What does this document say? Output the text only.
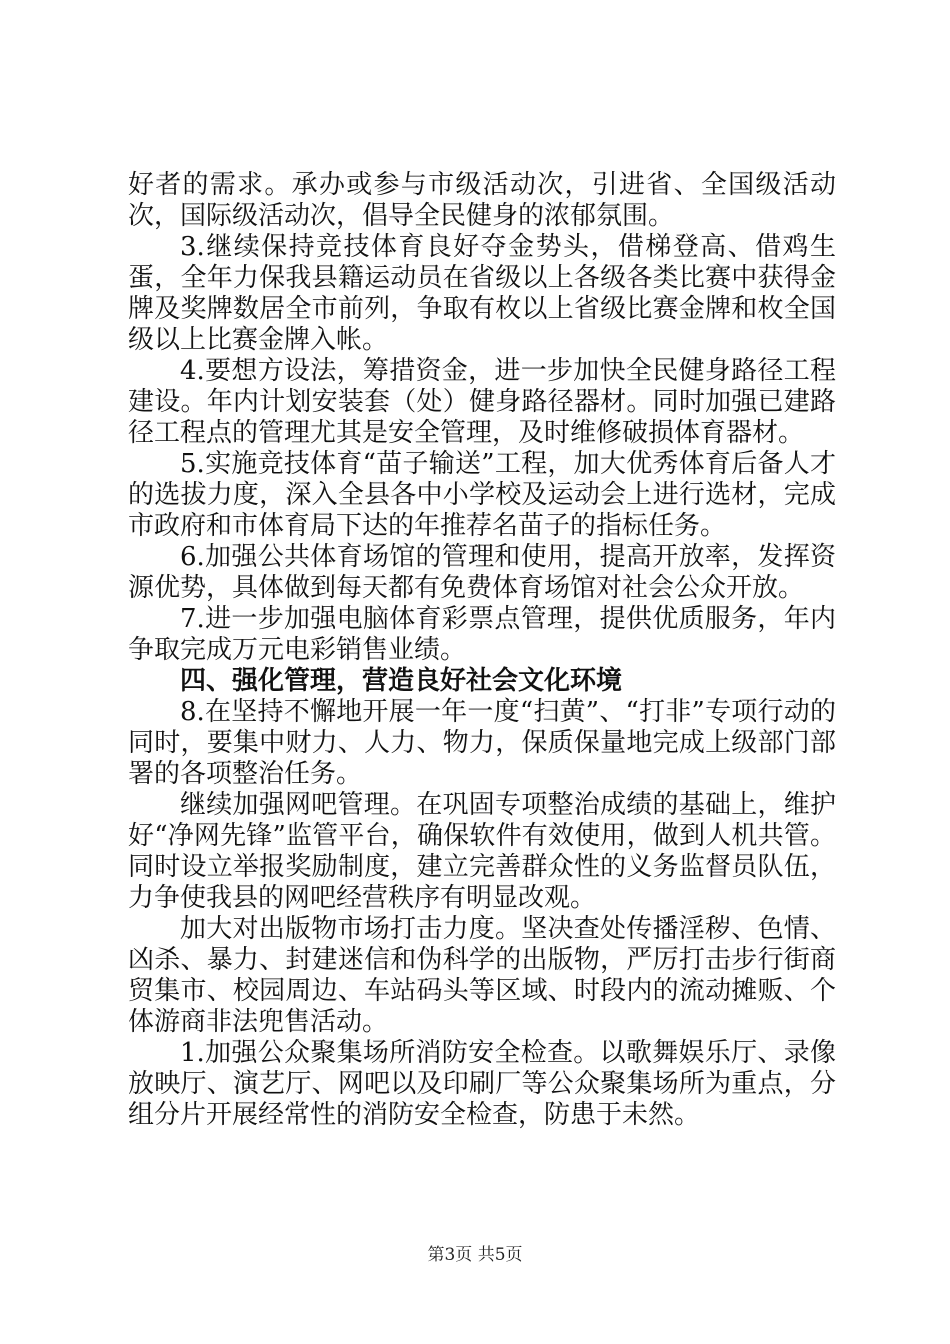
好者的需求。承办或参与市级活动次，引进省、全国级活动次，国际级活动次，倡导全民健身的浓郁氛围。

3.继续保持竞技体育良好夺金势头，借梯登高、借鸡生蛋，全年力保我县籍运动员在省级以上各级各类比赛中获得金牌及奖牌数居全市前列，争取有枚以上省级比赛金牌和枚全国级以上比赛金牌入帐。

4.要想方设法，筹措资金，进一步加快全民健身路径工程建设。年内计划安装套（处）健身路径器材。同时加强已建路径工程点的管理尤其是安全管理，及时维修破损体育器材。

5.实施竞技体育“苗子输送”工程，加大优秀体育后备人才的选拔力度，深入全县各中小学校及运动会上进行选材，完成市政府和市体育局下达的年推荐名苗子的指标任务。

6.加强公共体育场馆的管理和使用，提高开放率，发挥资源优势，具体做到每天都有免费体育场馆对社会公众开放。

7.进一步加强电脑体育彩票点管理，提供优质服务，年内争取完成万元电彩销售业绩。

四、强化管理，营造良好社会文化环境

8.在坚持不懈地开展一年一度“扫黄”、“打非”专项行动的同时，要集中财力、人力、物力，保质保量地完成上级部门部署的各项整治任务。

继续加强网吧管理。在巩固专项整治成绩的基础上，维护好“净网先锋”监管平台，确保软件有效使用，做到人机共管。同时设立举报奖励制度，建立完善群众性的义务监督员队伍，力争使我县的网吧经营秩序有明显改观。

加大对出版物市场打击力度。坚决查处传播淫秽、色情、凶杀、暴力、封建迷信和伪科学的出版物，严厉打击步行街商贸集市、校园周边、车站码头等区域、时段内的流动摊贩、个体游商非法兜售活动。

1.加强公众聚集场所消防安全检查。以歌舞娱乐厅、录像放映厅、演艺厅、网吧以及印刷厂等公众聚集场所为重点，分组分片开展经常性的消防安全检查，防患于未然。

第3页 共5页
